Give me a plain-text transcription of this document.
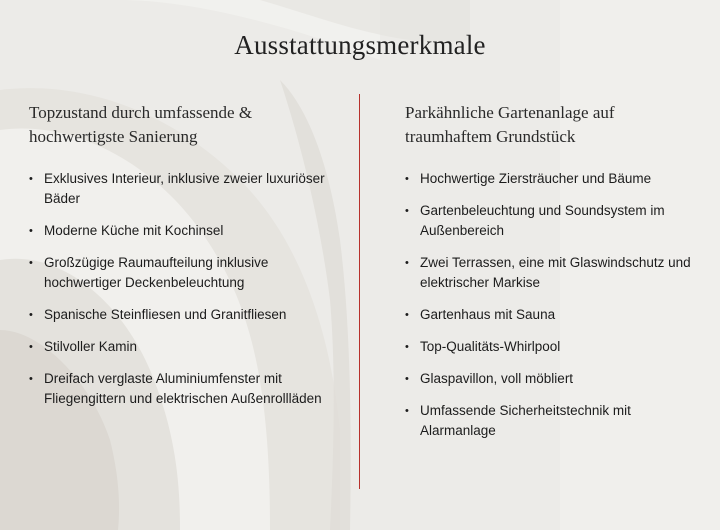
Ausstattungsmerkmale
Topzustand durch umfassende & hochwertigste Sanierung
• Exklusives Interieur, inklusive zweier luxuriöser Bäder
• Moderne Küche mit Kochinsel
• Großzügige Raumaufteilung inklusive hochwertiger Deckenbeleuchtung
• Spanische Steinfliesen und Granitfliesen
• Stilvoller Kamin
• Dreifach verglaste Aluminiumfenster mit Fliegengittern und elektrischen Außenrollläden
Parkähnliche Gartenanlage auf traumhaftem Grundstück
• Hochwertige Ziersträucher und Bäume
• Gartenbeleuchtung und Soundsystem im Außenbereich
• Zwei Terrassen, eine mit Glaswindschutz und elektrischer Markise
• Gartenhaus mit Sauna
• Top-Qualitäts-Whirlpool
• Glaspavillon, voll möbliert
• Umfassende Sicherheitstechnik mit Alarmanlage
